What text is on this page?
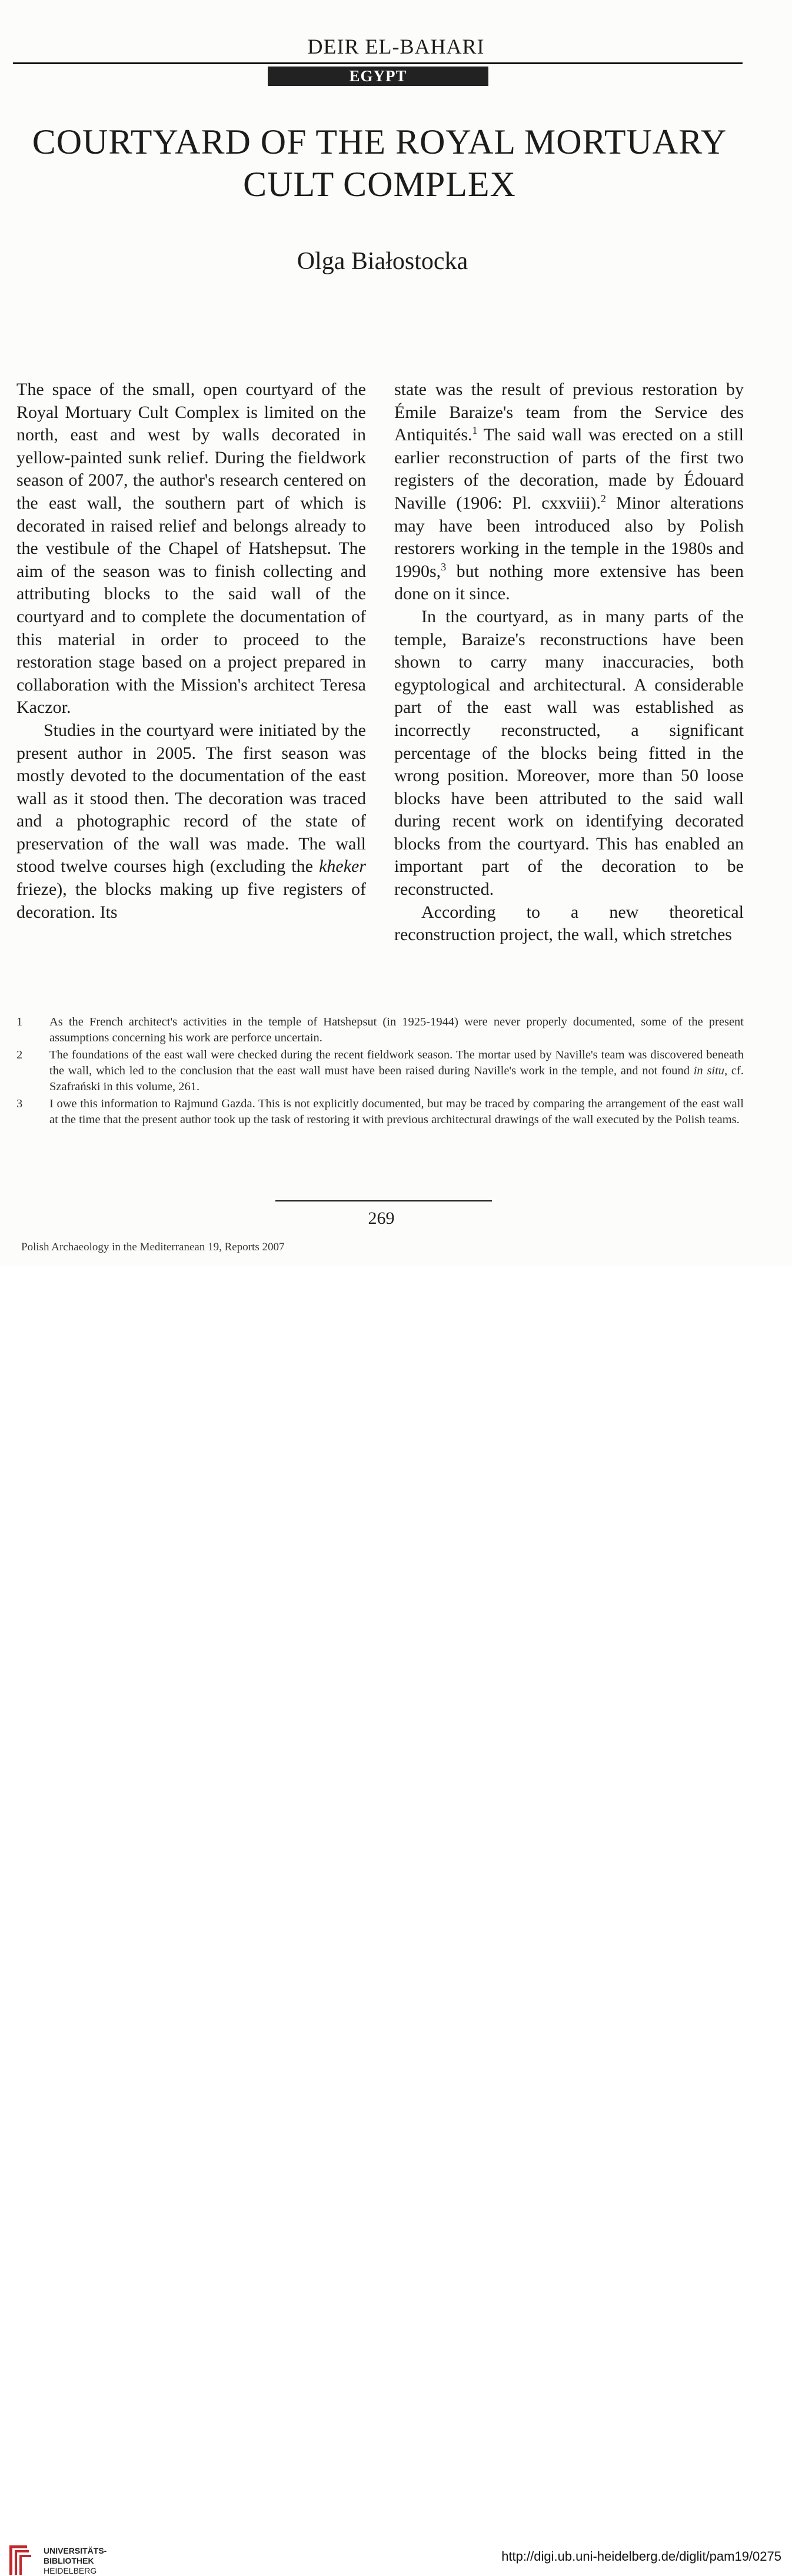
DEIR EL-BAHARI
EGYPT
COURTYARD OF THE ROYAL MORTUARY CULT COMPLEX
Olga Białostocka

The space of the small, open courtyard of the Royal Mortuary Cult Complex is limited on the north, east and west by walls decorated in yellow-painted sunk relief. During the fieldwork season of 2007, the author's research centered on the east wall, the southern part of which is decorated in raised relief and belongs already to the vestibule of the Chapel of Hatshepsut. The aim of the season was to finish collecting and attributing blocks to the said wall of the courtyard and to complete the documentation of this material in order to proceed to the restoration stage based on a project prepared in collaboration with the Mission's architect Teresa Kaczor.

Studies in the courtyard were initiated by the present author in 2005. The first season was mostly devoted to the documentation of the east wall as it stood then. The decoration was traced and a photographic record of the state of preservation of the wall was made. The wall stood twelve courses high (excluding the kheker frieze), the blocks making up five registers of decoration. Its

state was the result of previous restoration by Émile Baraize's team from the Service des Antiquités.$^1$ The said wall was erected on a still earlier reconstruction of parts of the first two registers of the decoration, made by Édouard Naville (1906: Pl. cxxviii).$^2$ Minor alterations may have been introduced also by Polish restorers working in the temple in the 1980s and 1990s,$^3$ but nothing more extensive has been done on it since.

In the courtyard, as in many parts of the temple, Baraize's reconstructions have been shown to carry many inaccuracies, both egyptological and architectural. A considerable part of the east wall was established as incorrectly reconstructed, a significant percentage of the blocks being fitted in the wrong position. Moreover, more than 50 loose blocks have been attributed to the said wall during recent work on identifying decorated blocks from the courtyard. This has enabled an important part of the decoration to be reconstructed.

According to a new theoretical reconstruction project, the wall, which stretches

1 As the French architect's activities in the temple of Hatshepsut (in 1925-1944) were never properly documented, some of the present assumptions concerning his work are perforce uncertain.
2 The foundations of the east wall were checked during the recent fieldwork season. The mortar used by Naville's team was discovered beneath the wall, which led to the conclusion that the east wall must have been raised during Naville's work in the temple, and not found in situ, cf. Szafrański in this volume, 261.
3 I owe this information to Rajmund Gazda. This is not explicitly documented, but may be traced by comparing the arrangement of the east wall at the time that the present author took up the task of restoring it with previous architectural drawings of the wall executed by the Polish teams.
269
Polish Archaeology in the Mediterranean 19, Reports 2007
UNIVERSITÄTS-
BIBLIOTHEK
HEIDELBERG
http://digi.ub.uni-heidelberg.de/diglit/pam19/0275
